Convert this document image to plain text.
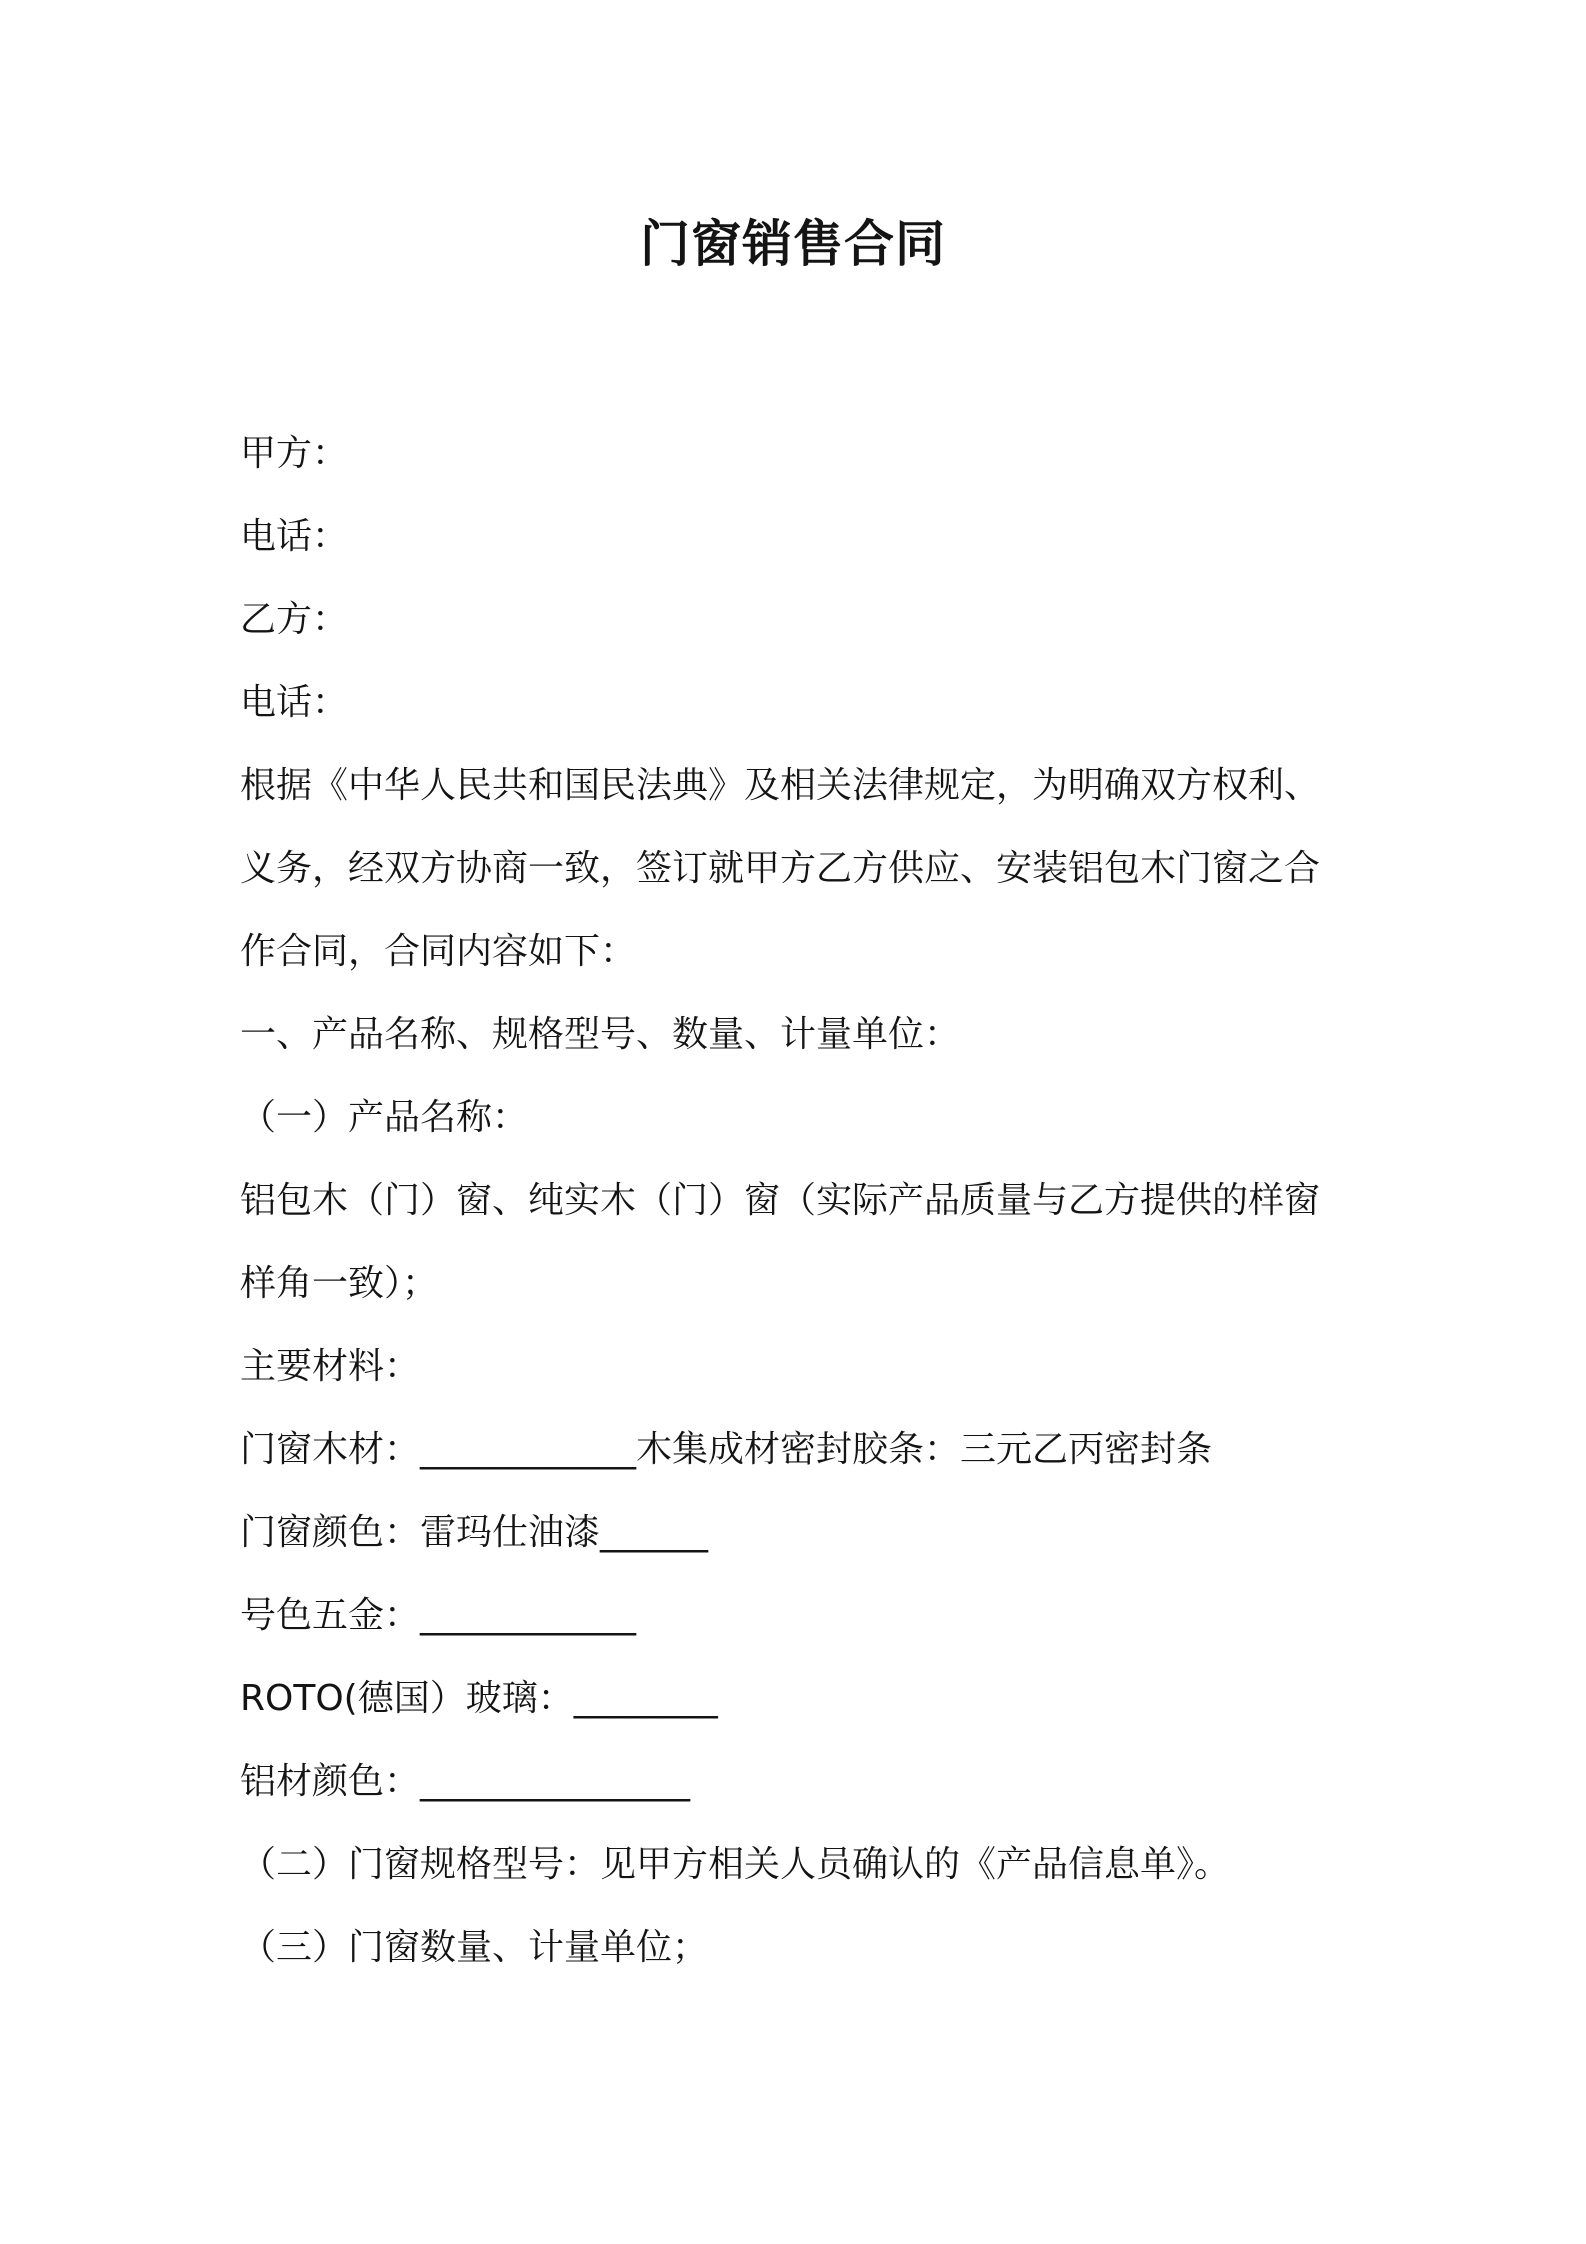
门窗销售合同

甲方：

电话：

乙方：

电话：

根据《中华人民共和国民法典》及相关法律规定，为明确双方权利、

义务，经双方协商一致，签订就甲方乙方供应、安装铝包木门窗之合

作合同，合同内容如下：

一、产品名称、规格型号、数量、计量单位：

（一）产品名称：

铝包木（门）窗、纯实木（门）窗（实际产品质量与乙方提供的样窗

样角一致）；

主要材料：

门窗木材：____________木集成材密封胶条：三元乙丙密封条

门窗颜色：雷玛仕油漆______

号色五金：____________

ROTO(德国）玻璃：________

铝材颜色：_______________

（二）门窗规格型号：见甲方相关人员确认的《产品信息单》。

（三）门窗数量、计量单位；
